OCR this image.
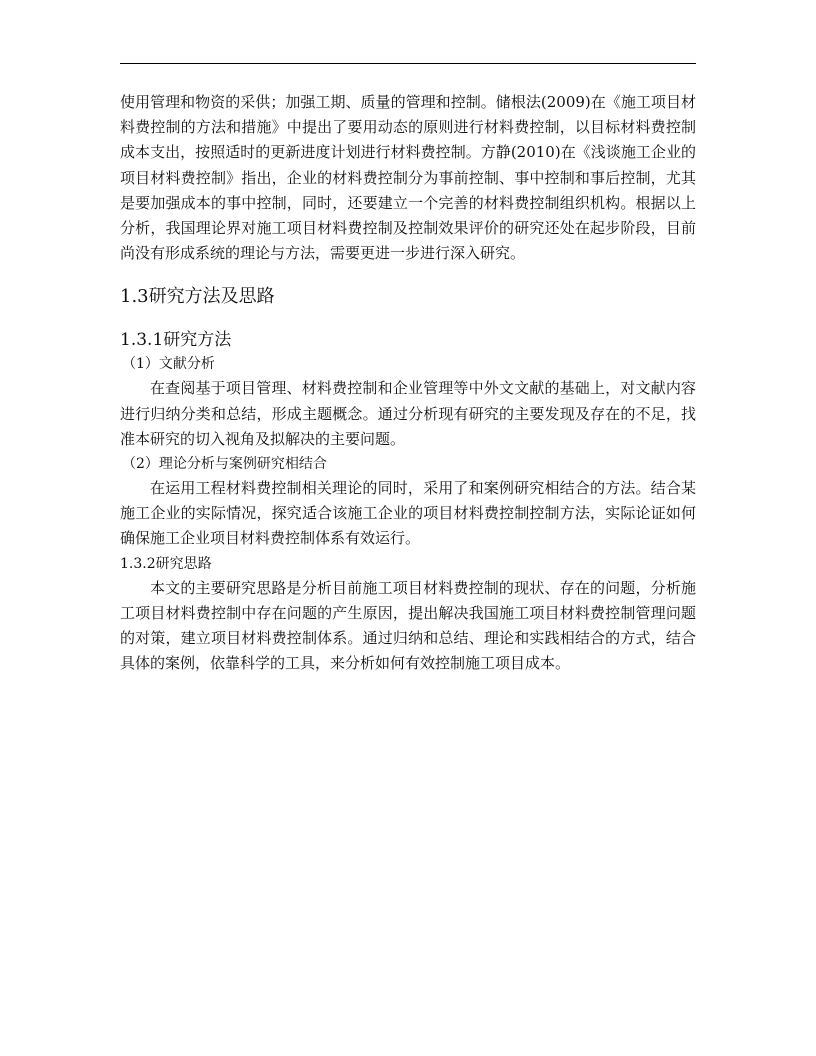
使用管理和物资的采供；加强工期、质量的管理和控制。储根法(2009)在《施工项目材料费控制的方法和措施》中提出了要用动态的原则进行材料费控制，以目标材料费控制成本支出，按照适时的更新进度计划进行材料费控制。方静(2010)在《浅谈施工企业的项目材料费控制》指出，企业的材料费控制分为事前控制、事中控制和事后控制，尤其是要加强成本的事中控制，同时，还要建立一个完善的材料费控制组织机构。根据以上分析，我国理论界对施工项目材料费控制及控制效果评价的研究还处在起步阶段，目前尚没有形成系统的理论与方法，需要更进一步进行深入研究。

1.3研究方法及思路
1.3.1研究方法
（1）文献分析

在查阅基于项目管理、材料费控制和企业管理等中外文文献的基础上，对文献内容进行归纳分类和总结，形成主题概念。通过分析现有研究的主要发现及存在的不足，找准本研究的切入视角及拟解决的主要问题。

（2）理论分析与案例研究相结合

在运用工程材料费控制相关理论的同时，采用了和案例研究相结合的方法。结合某施工企业的实际情况，探究适合该施工企业的项目材料费控制控制方法，实际论证如何确保施工企业项目材料费控制体系有效运行。

1.3.2研究思路

本文的主要研究思路是分析目前施工项目材料费控制的现状、存在的问题，分析施工项目材料费控制中存在问题的产生原因，提出解决我国施工项目材料费控制管理问题的对策，建立项目材料费控制体系。通过归纳和总结、理论和实践相结合的方式，结合具体的案例，依靠科学的工具，来分析如何有效控制施工项目成本。
